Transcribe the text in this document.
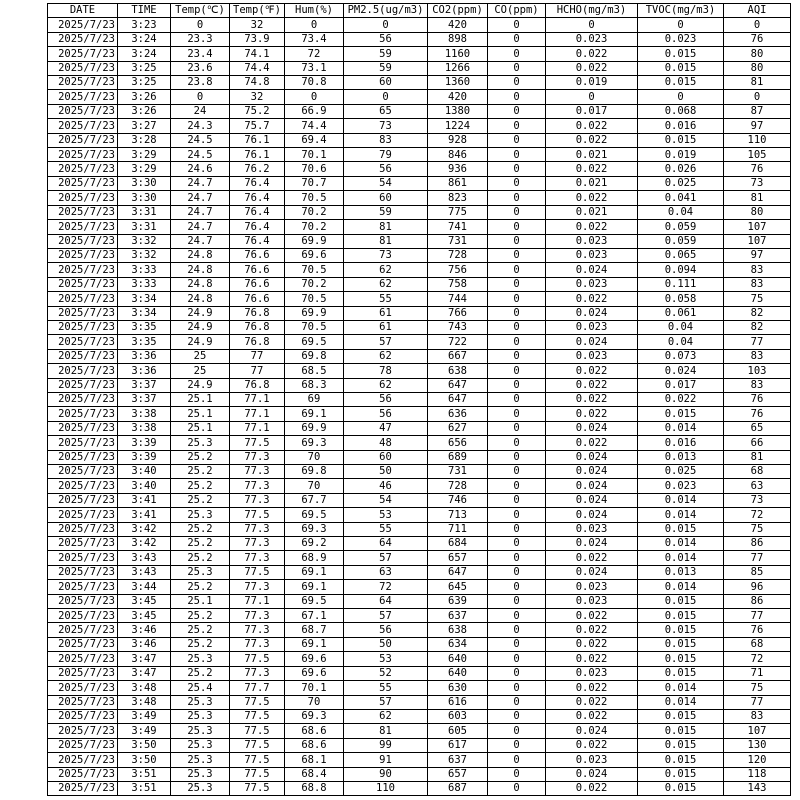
DATE	TIME	Temp(℃)	Temp(℉)	Hum(%)	PM2.5(ug/m3)	CO2(ppm)	CO(ppm)	HCHO(mg/m3)	TVOC(mg/m3)	AQI
2025/7/23	3:23	0	32	0	0	420	0	0	0	0
2025/7/23	3:24	23.3	73.9	73.4	56	898	0	0.023	0.023	76
2025/7/23	3:24	23.4	74.1	72	59	1160	0	0.022	0.015	80
2025/7/23	3:25	23.6	74.4	73.1	59	1266	0	0.022	0.015	80
2025/7/23	3:25	23.8	74.8	70.8	60	1360	0	0.019	0.015	81
2025/7/23	3:26	0	32	0	0	420	0	0	0	0
2025/7/23	3:26	24	75.2	66.9	65	1380	0	0.017	0.068	87
2025/7/23	3:27	24.3	75.7	74.4	73	1224	0	0.022	0.016	97
2025/7/23	3:28	24.5	76.1	69.4	83	928	0	0.022	0.015	110
2025/7/23	3:29	24.5	76.1	70.1	79	846	0	0.021	0.019	105
2025/7/23	3:29	24.6	76.2	70.6	56	936	0	0.022	0.026	76
2025/7/23	3:30	24.7	76.4	70.7	54	861	0	0.021	0.025	73
2025/7/23	3:30	24.7	76.4	70.5	60	823	0	0.022	0.041	81
2025/7/23	3:31	24.7	76.4	70.2	59	775	0	0.021	0.04	80
2025/7/23	3:31	24.7	76.4	70.2	81	741	0	0.022	0.059	107
2025/7/23	3:32	24.7	76.4	69.9	81	731	0	0.023	0.059	107
2025/7/23	3:32	24.8	76.6	69.6	73	728	0	0.023	0.065	97
2025/7/23	3:33	24.8	76.6	70.5	62	756	0	0.024	0.094	83
2025/7/23	3:33	24.8	76.6	70.2	62	758	0	0.023	0.111	83
2025/7/23	3:34	24.8	76.6	70.5	55	744	0	0.022	0.058	75
2025/7/23	3:34	24.9	76.8	69.9	61	766	0	0.024	0.061	82
2025/7/23	3:35	24.9	76.8	70.5	61	743	0	0.023	0.04	82
2025/7/23	3:35	24.9	76.8	69.5	57	722	0	0.024	0.04	77
2025/7/23	3:36	25	77	69.8	62	667	0	0.023	0.073	83
2025/7/23	3:36	25	77	68.5	78	638	0	0.022	0.024	103
2025/7/23	3:37	24.9	76.8	68.3	62	647	0	0.022	0.017	83
2025/7/23	3:37	25.1	77.1	69	56	647	0	0.022	0.022	76
2025/7/23	3:38	25.1	77.1	69.1	56	636	0	0.022	0.015	76
2025/7/23	3:38	25.1	77.1	69.9	47	627	0	0.024	0.014	65
2025/7/23	3:39	25.3	77.5	69.3	48	656	0	0.022	0.016	66
2025/7/23	3:39	25.2	77.3	70	60	689	0	0.024	0.013	81
2025/7/23	3:40	25.2	77.3	69.8	50	731	0	0.024	0.025	68
2025/7/23	3:40	25.2	77.3	70	46	728	0	0.024	0.023	63
2025/7/23	3:41	25.2	77.3	67.7	54	746	0	0.024	0.014	73
2025/7/23	3:41	25.3	77.5	69.5	53	713	0	0.024	0.014	72
2025/7/23	3:42	25.2	77.3	69.3	55	711	0	0.023	0.015	75
2025/7/23	3:42	25.2	77.3	69.2	64	684	0	0.024	0.014	86
2025/7/23	3:43	25.2	77.3	68.9	57	657	0	0.022	0.014	77
2025/7/23	3:43	25.3	77.5	69.1	63	647	0	0.024	0.013	85
2025/7/23	3:44	25.2	77.3	69.1	72	645	0	0.023	0.014	96
2025/7/23	3:45	25.1	77.1	69.5	64	639	0	0.023	0.015	86
2025/7/23	3:45	25.2	77.3	67.1	57	637	0	0.022	0.015	77
2025/7/23	3:46	25.2	77.3	68.7	56	638	0	0.022	0.015	76
2025/7/23	3:46	25.2	77.3	69.1	50	634	0	0.022	0.015	68
2025/7/23	3:47	25.3	77.5	69.6	53	640	0	0.022	0.015	72
2025/7/23	3:47	25.2	77.3	69.6	52	640	0	0.023	0.015	71
2025/7/23	3:48	25.4	77.7	70.1	55	630	0	0.022	0.014	75
2025/7/23	3:48	25.3	77.5	70	57	616	0	0.022	0.014	77
2025/7/23	3:49	25.3	77.5	69.3	62	603	0	0.022	0.015	83
2025/7/23	3:49	25.3	77.5	68.6	81	605	0	0.024	0.015	107
2025/7/23	3:50	25.3	77.5	68.6	99	617	0	0.022	0.015	130
2025/7/23	3:50	25.3	77.5	68.1	91	637	0	0.023	0.015	120
2025/7/23	3:51	25.3	77.5	68.4	90	657	0	0.024	0.015	118
2025/7/23	3:51	25.3	77.5	68.8	110	687	0	0.022	0.015	143
